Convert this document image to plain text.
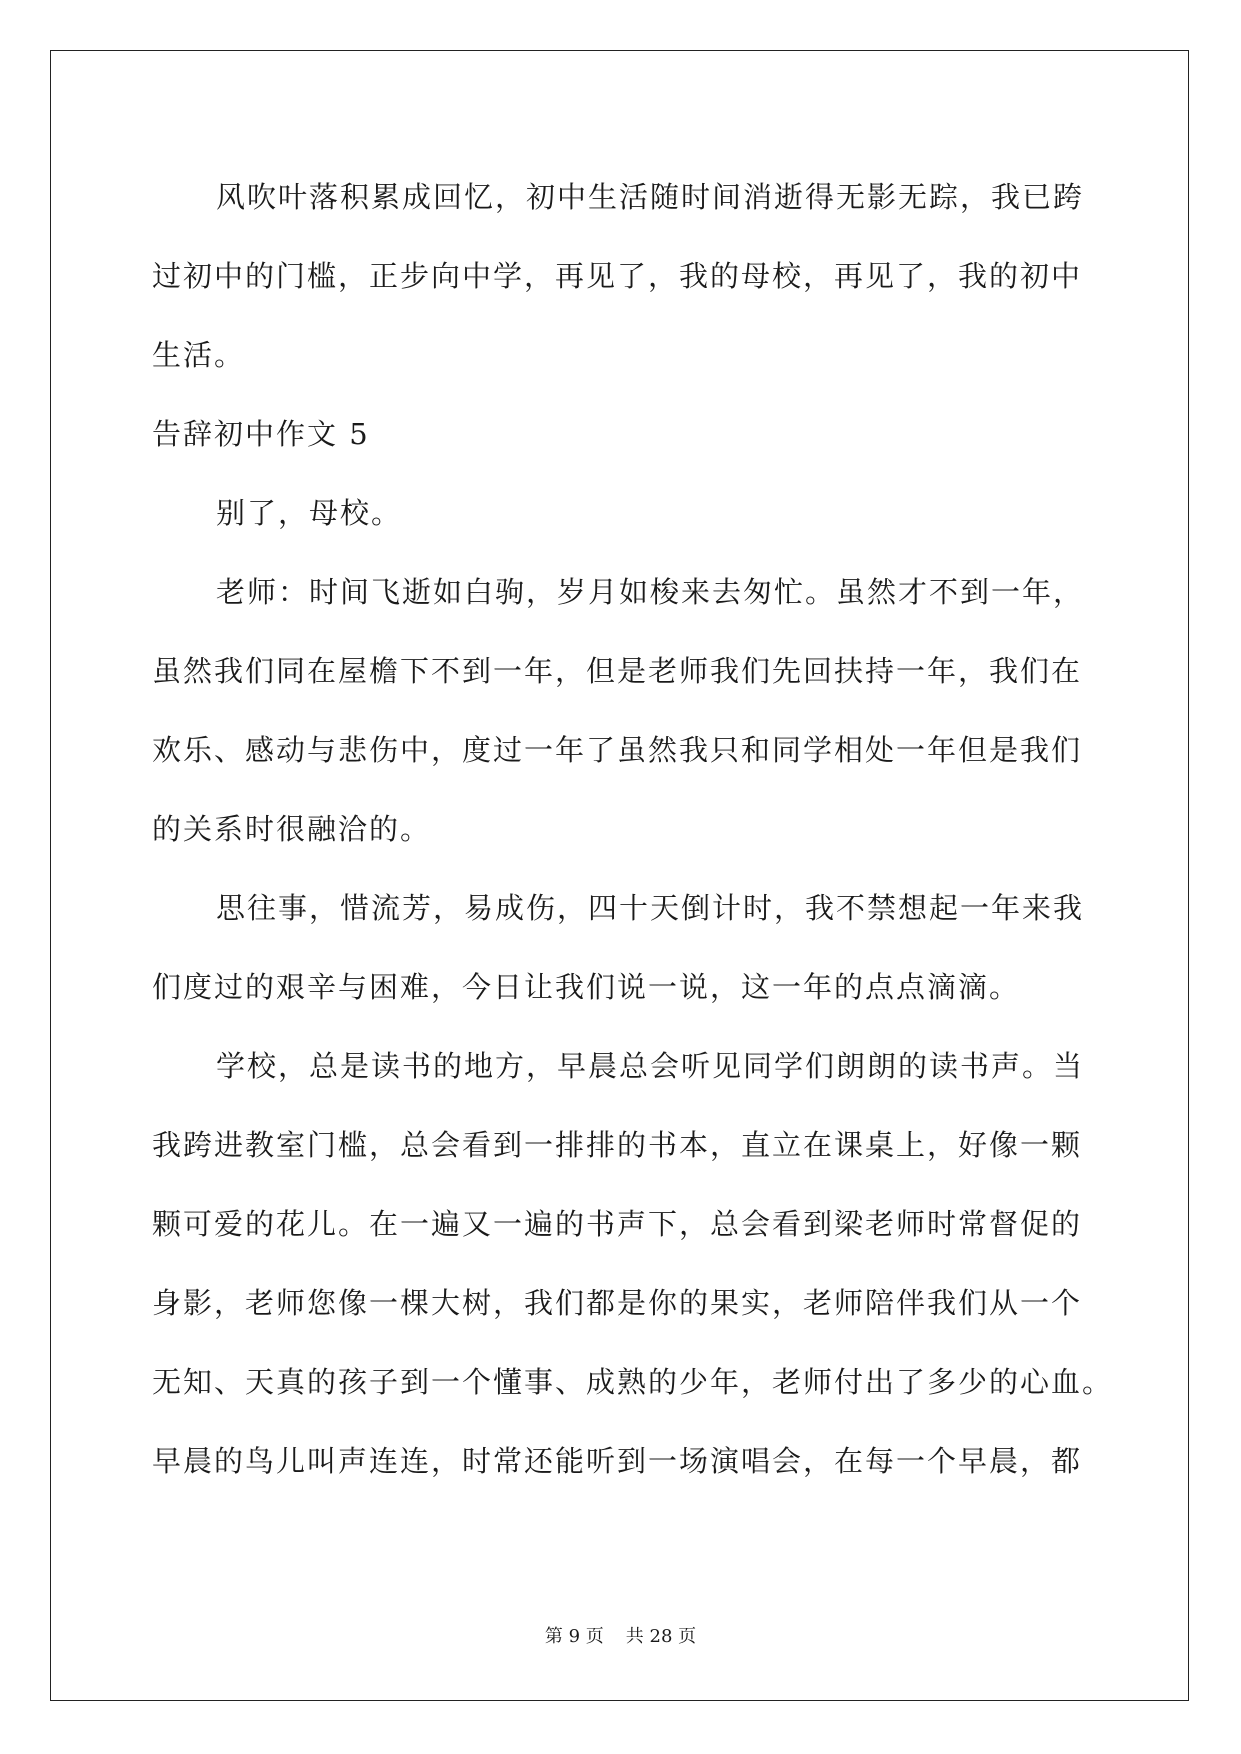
风吹叶落积累成回忆，初中生活随时间消逝得无影无踪，我已跨
过初中的门槛，正步向中学，再见了，我的母校，再见了，我的初中
生活。
告辞初中作文 5
别了，母校。
老师：时间飞逝如白驹，岁月如梭来去匆忙。虽然才不到一年，
虽然我们同在屋檐下不到一年，但是老师我们先回扶持一年，我们在
欢乐、感动与悲伤中，度过一年了虽然我只和同学相处一年但是我们
的关系时很融洽的。
思往事，惜流芳，易成伤，四十天倒计时，我不禁想起一年来我
们度过的艰辛与困难，今日让我们说一说，这一年的点点滴滴。
学校，总是读书的地方，早晨总会听见同学们朗朗的读书声。当
我跨进教室门槛，总会看到一排排的书本，直立在课桌上，好像一颗
颗可爱的花儿。在一遍又一遍的书声下，总会看到梁老师时常督促的
身影，老师您像一棵大树，我们都是你的果实，老师陪伴我们从一个
无知、天真的孩子到一个懂事、成熟的少年，老师付出了多少的心血。
早晨的鸟儿叫声连连，时常还能听到一场演唱会，在每一个早晨，都
第 9 页 共 28 页
